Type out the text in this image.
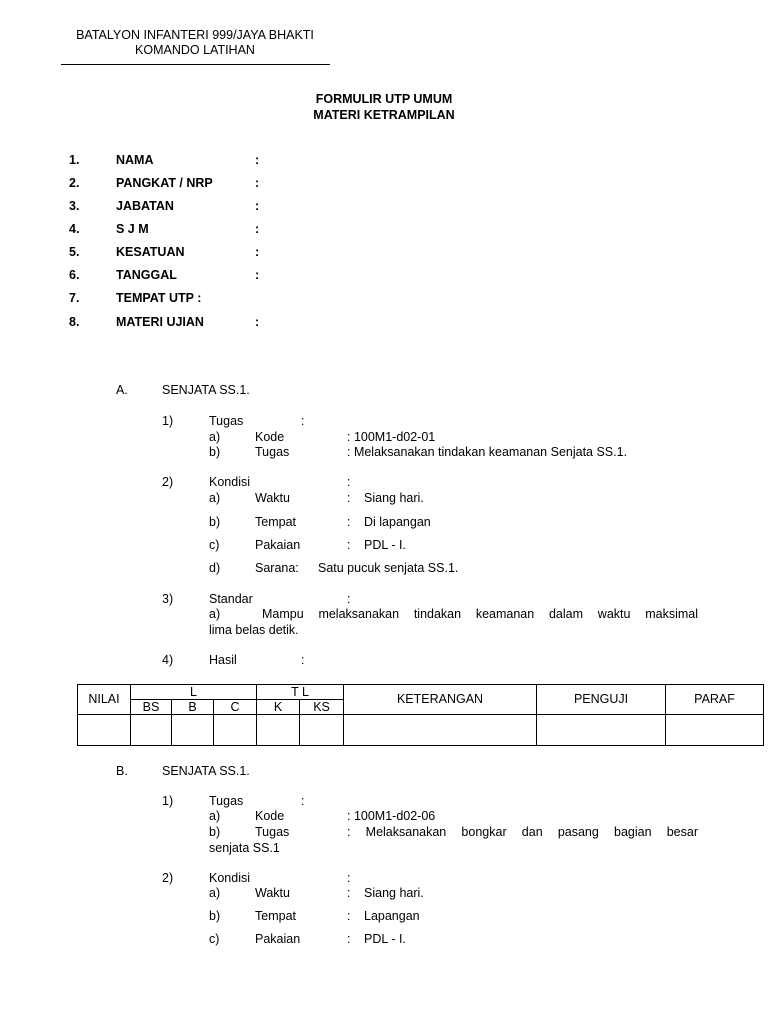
BATALYON INFANTERI 999/JAYA BHAKTI
KOMANDO LATIHAN
FORMULIR UTP UMUM
MATERI KETRAMPILAN
1.	NAMA	:
2.	PANGKAT / NRP	:
3.	JABATAN	:
4.	S J M	:
5.	KESATUAN	:
6.	TANGGAL	:
7.	TEMPAT UTP :
8.	MATERI UJIAN	:
A.	SENJATA SS.1.
1)	Tugas	:
a)	Kode	: 100M1-d02-01
b)	Tugas	: Melaksanakan tindakan keamanan Senjata SS.1.
2)	Kondisi	:
a)	Waktu	: Siang hari.
b)	Tempat	: Di lapangan
c)	Pakaian	: PDL - I.
d)	Sarana: Satu pucuk senjata SS.1.
3)	Standar	:
a)	Mampu melaksanakan tindakan keamanan dalam waktu maksimal
lima belas detik.
4)	Hasil	:
NILAI	L			T L		KETERANGAN	PENGUJI	PARAF
	BS	B	C	K	KS			

B.	SENJATA SS.1.
1)	Tugas	:
a)	Kode	: 100M1-d02-06
b)	Tugas	: Melaksanakan bongkar dan pasang bagian besar
senjata SS.1
2)	Kondisi	:
a)	Waktu	: Siang hari.
b)	Tempat	: Lapangan
c)	Pakaian	: PDL - I.
